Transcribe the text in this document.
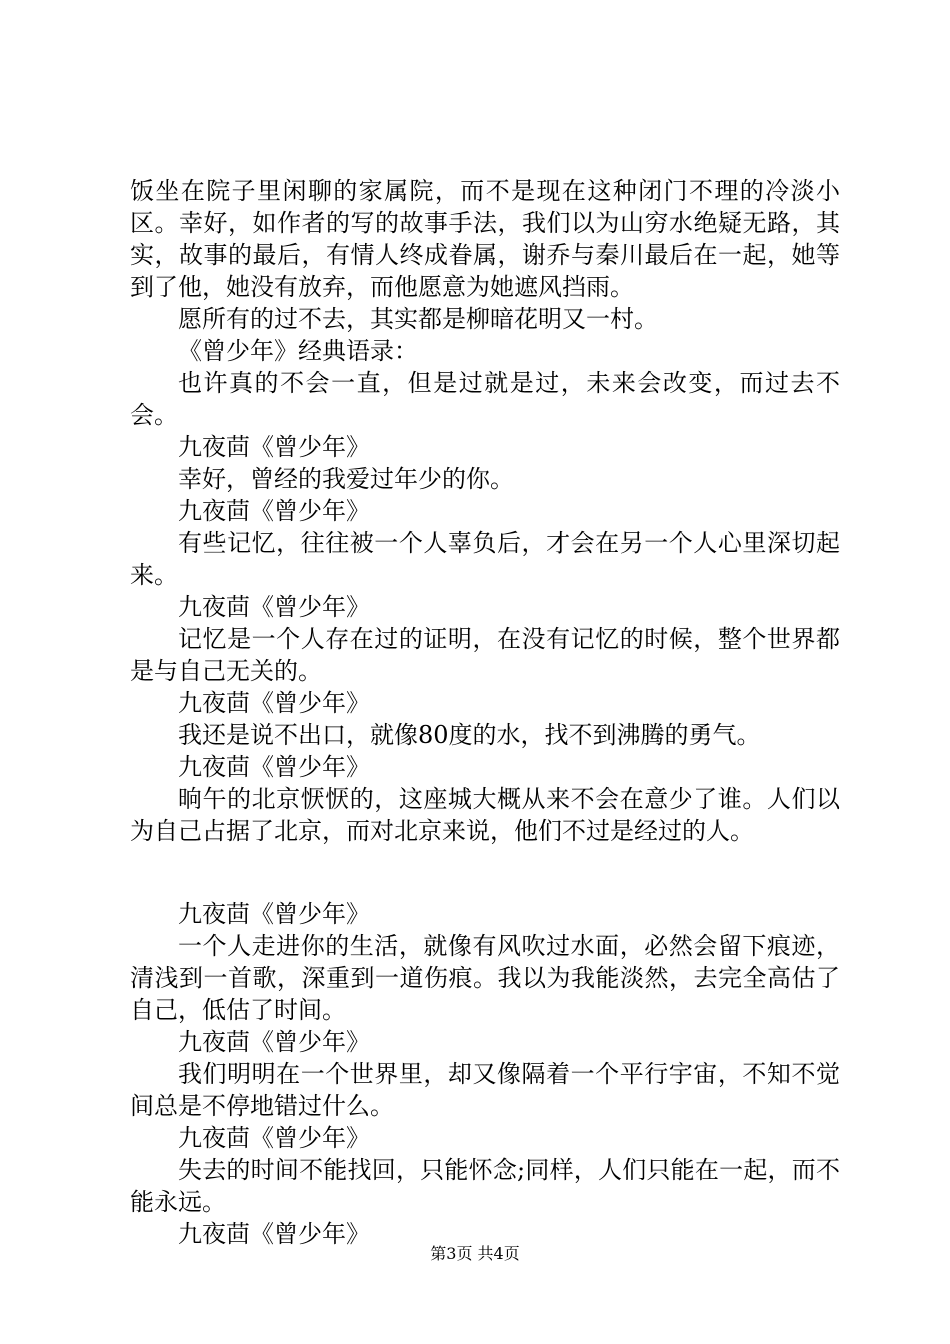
饭坐在院子里闲聊的家属院，而不是现在这种闭门不理的冷淡小区。幸好，如作者的写的故事手法，我们以为山穷水绝疑无路，其实，故事的最后，有情人终成眷属，谢乔与秦川最后在一起，她等到了他，她没有放弃，而他愿意为她遮风挡雨。

愿所有的过不去，其实都是柳暗花明又一村。

《曾少年》经典语录：

也许真的不会一直，但是过就是过，未来会改变，而过去不会。

九夜茴《曾少年》

幸好，曾经的我爱过年少的你。

九夜茴《曾少年》

有些记忆，往往被一个人辜负后，才会在另一个人心里深切起来。

九夜茴《曾少年》

记忆是一个人存在过的证明，在没有记忆的时候，整个世界都是与自己无关的。

九夜茴《曾少年》

我还是说不出口，就像80度的水，找不到沸腾的勇气。

九夜茴《曾少年》

晌午的北京恹恹的，这座城大概从来不会在意少了谁。人们以为自己占据了北京，而对北京来说，他们不过是经过的人。

九夜茴《曾少年》

一个人走进你的生活，就像有风吹过水面，必然会留下痕迹，清浅到一首歌，深重到一道伤痕。我以为我能淡然，去完全高估了自己，低估了时间。

九夜茴《曾少年》

我们明明在一个世界里，却又像隔着一个平行宇宙，不知不觉间总是不停地错过什么。

九夜茴《曾少年》

失去的时间不能找回，只能怀念;同样，人们只能在一起，而不能永远。

九夜茴《曾少年》

第3页 共4页
